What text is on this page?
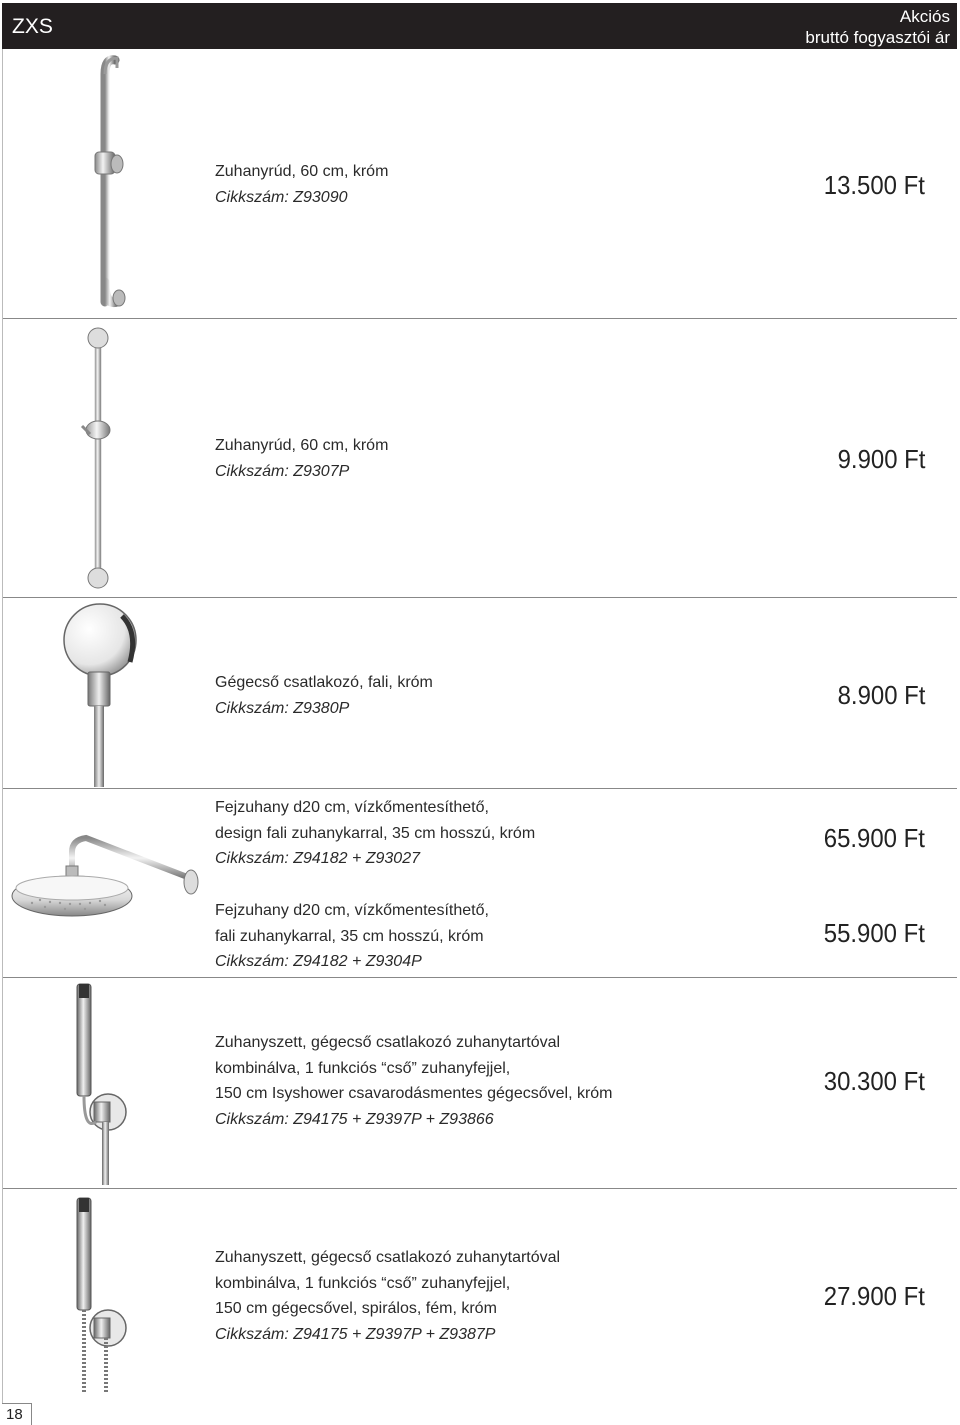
ZXS	Akciós
bruttó fogyasztói ár
Zuhanyrúd, 60 cm, króm
Cikkszám: Z93090	13.500 Ft
Zuhanyrúd, 60 cm, króm
Cikkszám: Z9307P	9.900 Ft
Gégecső csatlakozó, fali, króm
Cikkszám: Z9380P	8.900 Ft
Fejzuhany d20 cm, vízkőmentesíthető,
design fali zuhanykarral, 35 cm hosszú, króm
Cikkszám: Z94182 + Z93027
65.900 Ft
Fejzuhany d20 cm, vízkőmentesíthető,
fali zuhanykarral, 35 cm hosszú, króm
Cikkszám: Z94182 + Z9304P
55.900 Ft
Zuhanyszett, gégecső csatlakozó zuhanytartóval
kombinálva, 1 funkciós “cső” zuhanyfejjel,
150 cm Isyshower csavarodásmentes gégecsővel, króm
Cikkszám: Z94175 + Z9397P + Z93866
30.300 Ft
Zuhanyszett, gégecső csatlakozó zuhanytartóval
kombinálva, 1 funkciós “cső” zuhanyfejjel,
150 cm gégecsővel, spirálos, fém, króm
Cikkszám: Z94175 + Z9397P + Z9387P
27.900 Ft
18
